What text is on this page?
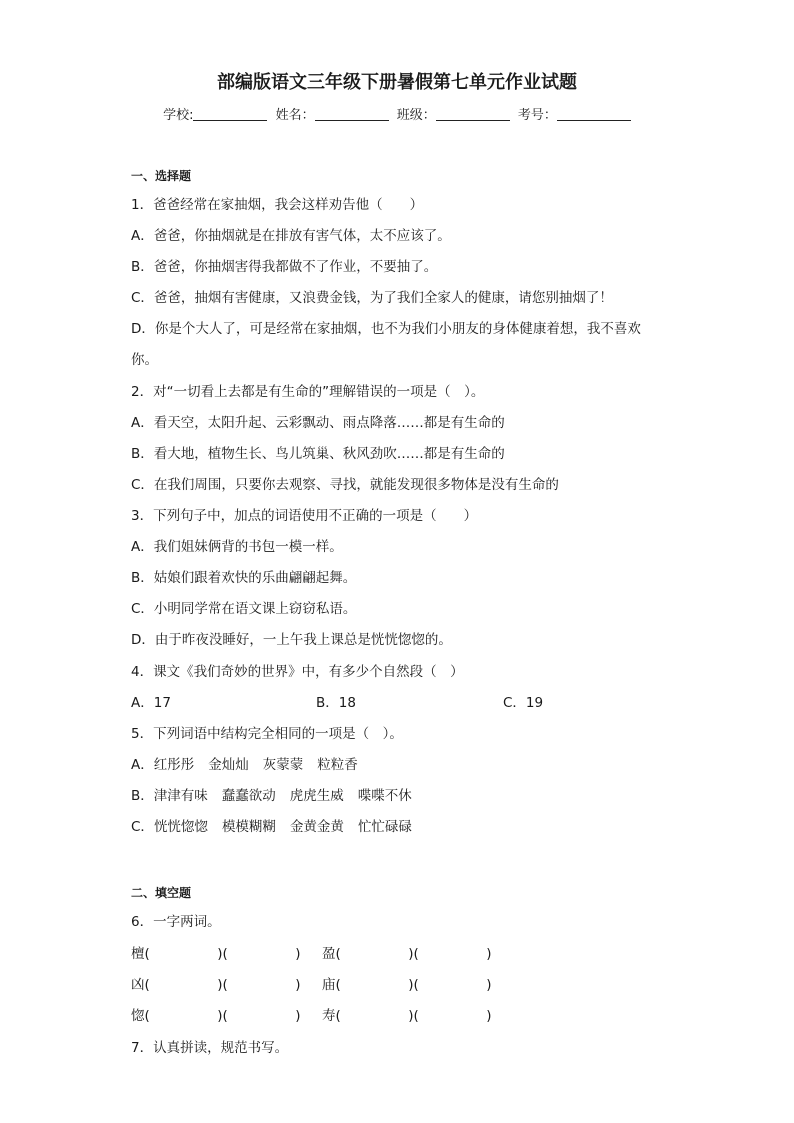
部编版语文三年级下册暑假第七单元作业试题
学校:	姓名：	班级：	考号：
一、选择题
1．爸爸经常在家抽烟，我会这样劝告他（　　）
A．爸爸，你抽烟就是在排放有害气体，太不应该了。
B．爸爸，你抽烟害得我都做不了作业，不要抽了。
C．爸爸，抽烟有害健康，又浪费金钱，为了我们全家人的健康，请您别抽烟了！
D．你是个大人了，可是经常在家抽烟，也不为我们小朋友的身体健康着想，我不喜欢
你。
2．对“一切看上去都是有生命的”理解错误的一项是（　）。
A．看天空，太阳升起、云彩飘动、雨点降落……都是有生命的
B．看大地，植物生长、鸟儿筑巢、秋风劲吹……都是有生命的
C．在我们周围，只要你去观察、寻找，就能发现很多物体是没有生命的
3．下列句子中，加点的词语使用不正确的一项是（　　）
A．我们姐妹俩背的书包一模一样。
B．姑娘们跟着欢快的乐曲翩翩起舞。
C．小明同学常在语文课上窃窃私语。
D．由于昨夜没睡好，一上午我上课总是恍恍惚惚的。
4．课文《我们奇妙的世界》中，有多少个自然段（　）
A．17	B．18	C．19
5．下列词语中结构完全相同的一项是（　）。
A．红彤彤 金灿灿 灰蒙蒙 粒粒香
B．津津有味 蠢蠢欲动 虎虎生威 喋喋不休
C．恍恍惚惚 模模糊糊 金黄金黄 忙忙碌碌
二、填空题
6．一字两词。
檀(　　　　　)(　　　　　) 盈(　　　　　)(　　　　　)
凶(　　　　　)(　　　　　) 庙(　　　　　)(　　　　　)
惚(　　　　　)(　　　　　) 寿(　　　　　)(　　　　　)
7．认真拼读，规范书写。
